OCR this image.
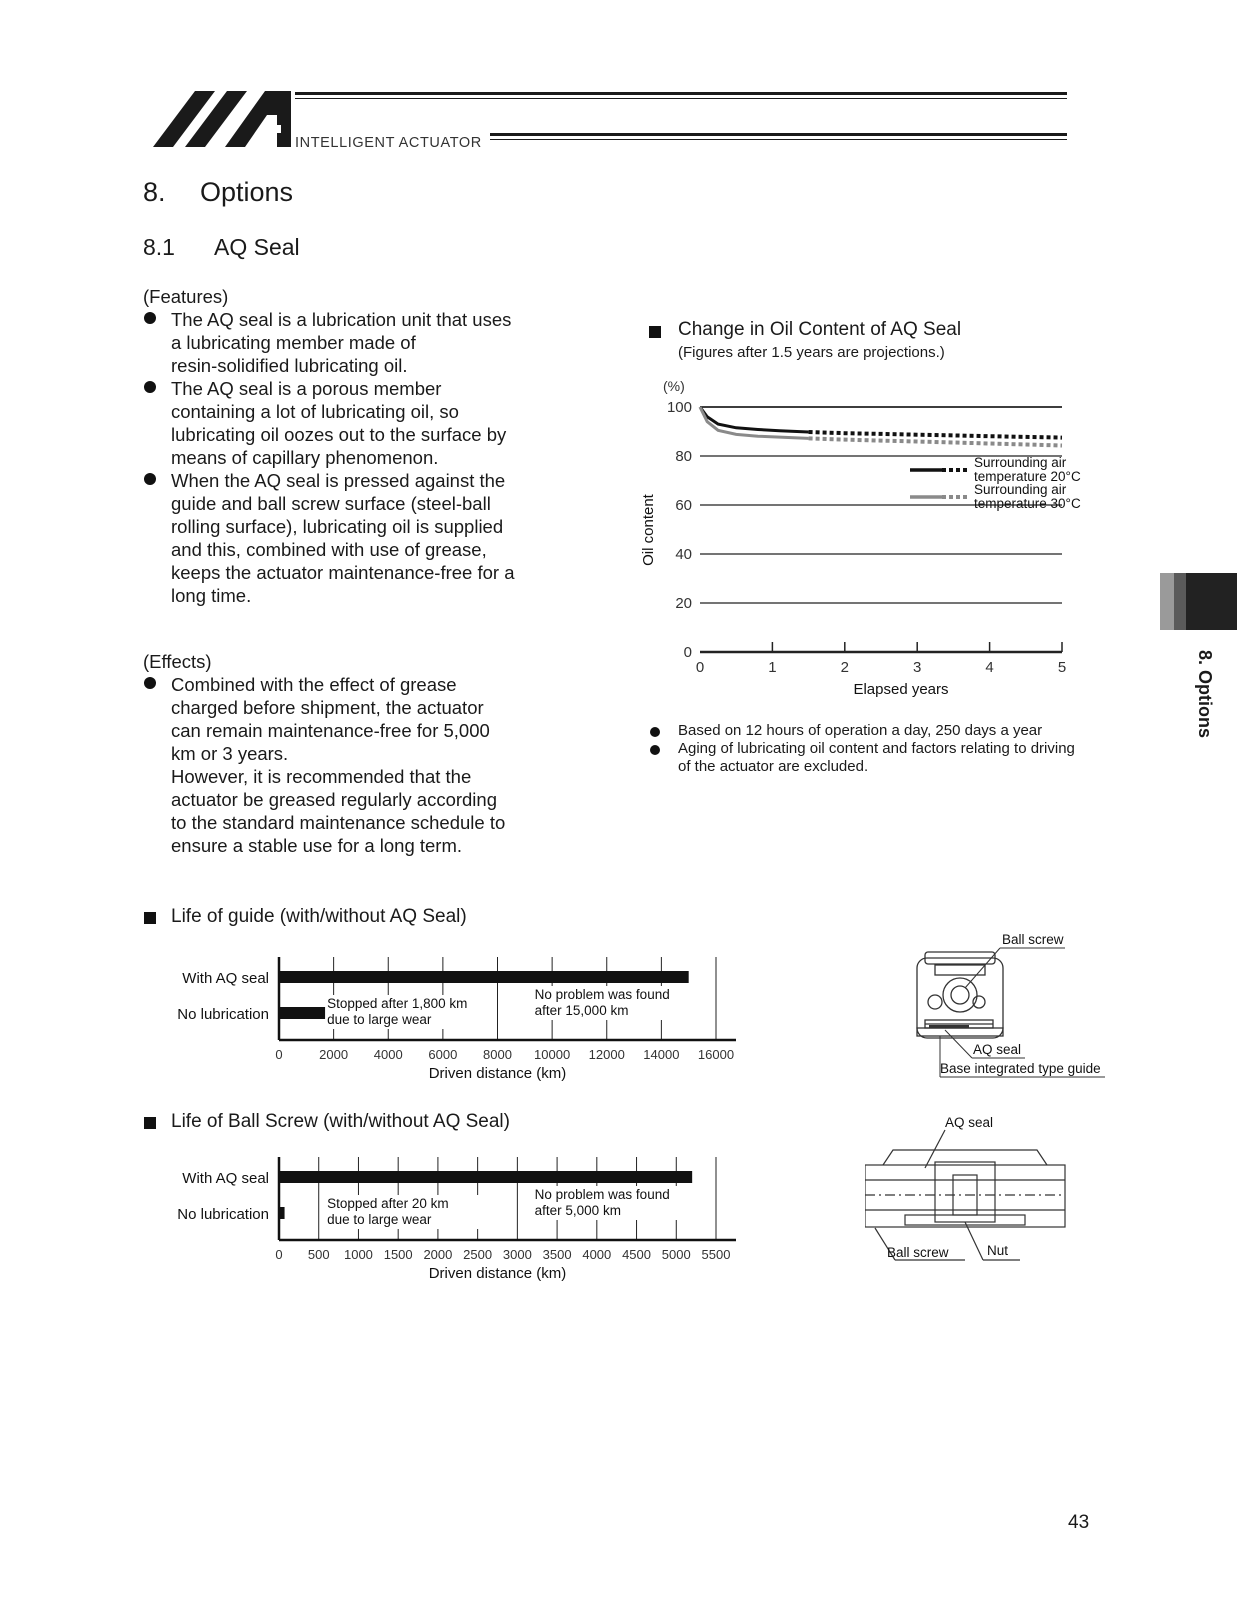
INTELLIGENT ACTUATOR
8. Options
8.1 AQ Seal
(Features)
The AQ seal is a lubrication unit that uses
a lubricating member made of
resin-solidified lubricating oil.
The AQ seal is a porous member
containing a lot of lubricating oil, so
lubricating oil oozes out to the surface by
means of capillary phenomenon.
When the AQ seal is pressed against the
guide and ball screw surface (steel-ball
rolling surface), lubricating oil is supplied
and this, combined with use of grease,
keeps the actuator maintenance-free for a
long time.
(Effects)
Combined with the effect of grease
charged before shipment, the actuator
can remain maintenance-free for 5,000
km or 3 years.
However, it is recommended that the
actuator be greased regularly according
to the standard maintenance schedule to
ensure a stable use for a long term.
Change in Oil Content of AQ Seal
(Figures after 1.5 years are projections.)
0
20
40
60
80
100
(%)
0	1	2	3	4	5
Elapsed years
Oil content
Surrounding air temperature 20°C
Surrounding air temperature 30°C
Based on 12 hours of operation a day, 250 days a year
Aging of lubricating oil content and factors relating to driving
of the actuator are excluded.
Life of guide (with/without AQ Seal)
0	2000 4000 6000 8000 10000 12000 14000 16000
With AQ seal
No lubrication
Driven distance (km)
Stopped after 1,800 km
due to large wear
No problem was found
after 15,000 km
Life of Ball Screw (with/without AQ Seal)
0 500 1000 1500 2000 2500 3000 3500 4000 4500 5000 5500
With AQ seal
No lubrication
Driven distance (km)
Stopped after 20 km
due to large wear
No problem was found
after 5,000 km
Ball screw
AQ seal
Base integrated type guide
AQ seal
Ball screw	Nut
8. Options
43
